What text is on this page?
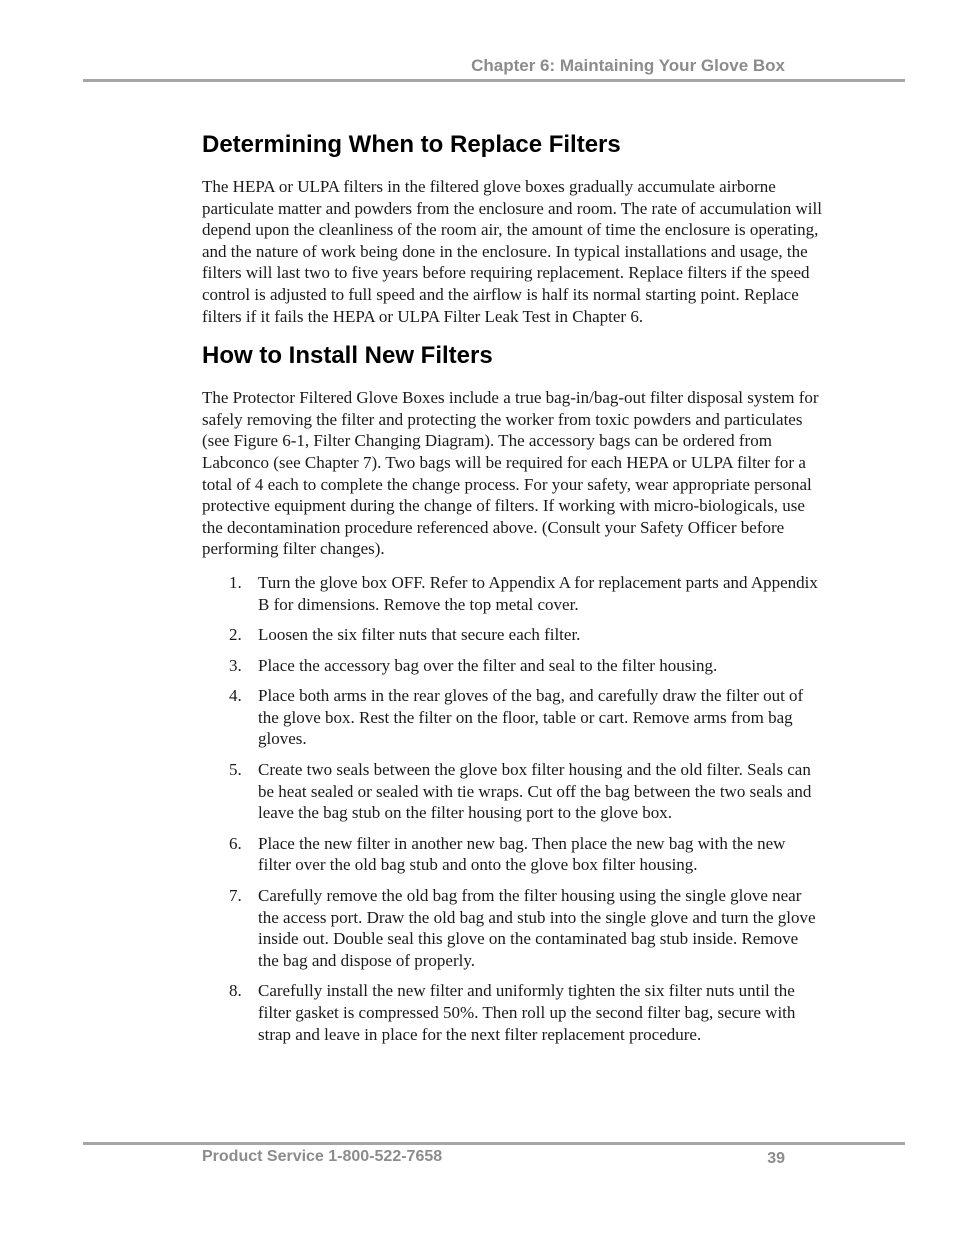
Chapter 6: Maintaining Your Glove Box
Determining When to Replace Filters

The HEPA or ULPA filters in the filtered glove boxes gradually accumulate airborne particulate matter and powders from the enclosure and room. The rate of accumulation will depend upon the cleanliness of the room air, the amount of time the enclosure is operating, and the nature of work being done in the enclosure. In typical installations and usage, the filters will last two to five years before requiring replacement. Replace filters if the speed control is adjusted to full speed and the airflow is half its normal starting point. Replace filters if it fails the HEPA or ULPA Filter Leak Test in Chapter 6.

How to Install New Filters

The Protector Filtered Glove Boxes include a true bag-in/bag-out filter disposal system for safely removing the filter and protecting the worker from toxic powders and particulates (see Figure 6-1, Filter Changing Diagram). The accessory bags can be ordered from Labconco (see Chapter 7). Two bags will be required for each HEPA or ULPA filter for a total of 4 each to complete the change process. For your safety, wear appropriate personal protective equipment during the change of filters. If working with micro-biologicals, use the decontamination procedure referenced above. (Consult your Safety Officer before performing filter changes).

1. Turn the glove box OFF. Refer to Appendix A for replacement parts and Appendix B for dimensions. Remove the top metal cover.
2. Loosen the six filter nuts that secure each filter.
3. Place the accessory bag over the filter and seal to the filter housing.
4. Place both arms in the rear gloves of the bag, and carefully draw the filter out of the glove box. Rest the filter on the floor, table or cart. Remove arms from bag gloves.
5. Create two seals between the glove box filter housing and the old filter. Seals can be heat sealed or sealed with tie wraps. Cut off the bag between the two seals and leave the bag stub on the filter housing port to the glove box.
6. Place the new filter in another new bag. Then place the new bag with the new filter over the old bag stub and onto the glove box filter housing.
7. Carefully remove the old bag from the filter housing using the single glove near the access port. Draw the old bag and stub into the single glove and turn the glove inside out. Double seal this glove on the contaminated bag stub inside. Remove the bag and dispose of properly.
8. Carefully install the new filter and uniformly tighten the six filter nuts until the filter gasket is compressed 50%. Then roll up the second filter bag, secure with strap and leave in place for the next filter replacement procedure.
Product Service 1-800-522-7658	39
